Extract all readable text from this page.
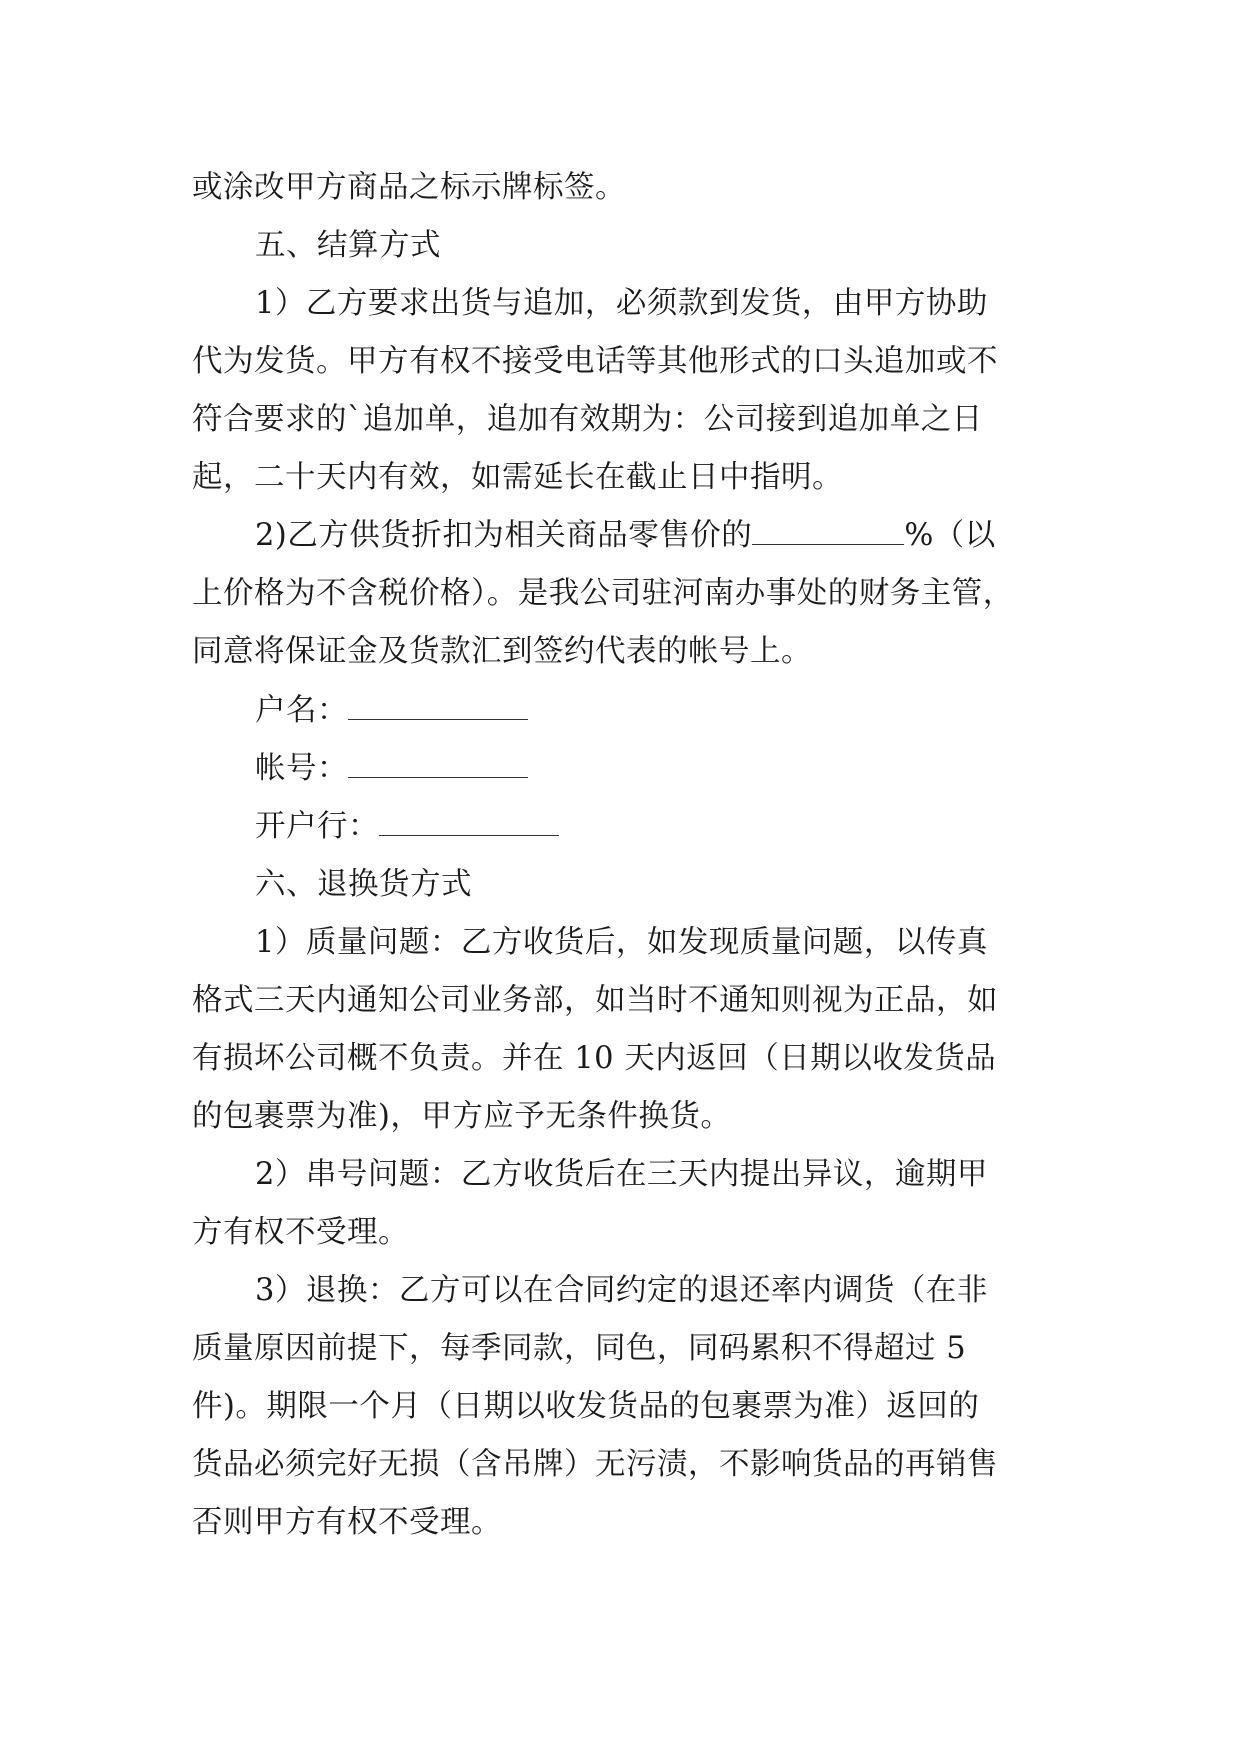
或涂改甲方商品之标示牌标签。
五、结算方式
1）乙方要求出货与追加，必须款到发货，由甲方协助
代为发货。甲方有权不接受电话等其他形式的口头追加或不
符合要求的`追加单，追加有效期为：公司接到追加单之日
起，二十天内有效，如需延长在截止日中指明。
2)乙方供货折扣为相关商品零售价的	%（以
上价格为不含税价格）。是我公司驻河南办事处的财务主管，
同意将保证金及货款汇到签约代表的帐号上。
户名：
帐号：
开户行：
六、退换货方式
1）质量问题：乙方收货后，如发现质量问题，以传真
格式三天内通知公司业务部，如当时不通知则视为正品，如
有损坏公司概不负责。并在 10 天内返回（日期以收发货品
的包裹票为准)，甲方应予无条件换货。
2）串号问题：乙方收货后在三天内提出异议，逾期甲
方有权不受理。
3）退换：乙方可以在合同约定的退还率内调货（在非
质量原因前提下，每季同款，同色，同码累积不得超过 5
件)。期限一个月（日期以收发货品的包裹票为准）返回的
货品必须完好无损（含吊牌）无污渍，不影响货品的再销售
否则甲方有权不受理。
